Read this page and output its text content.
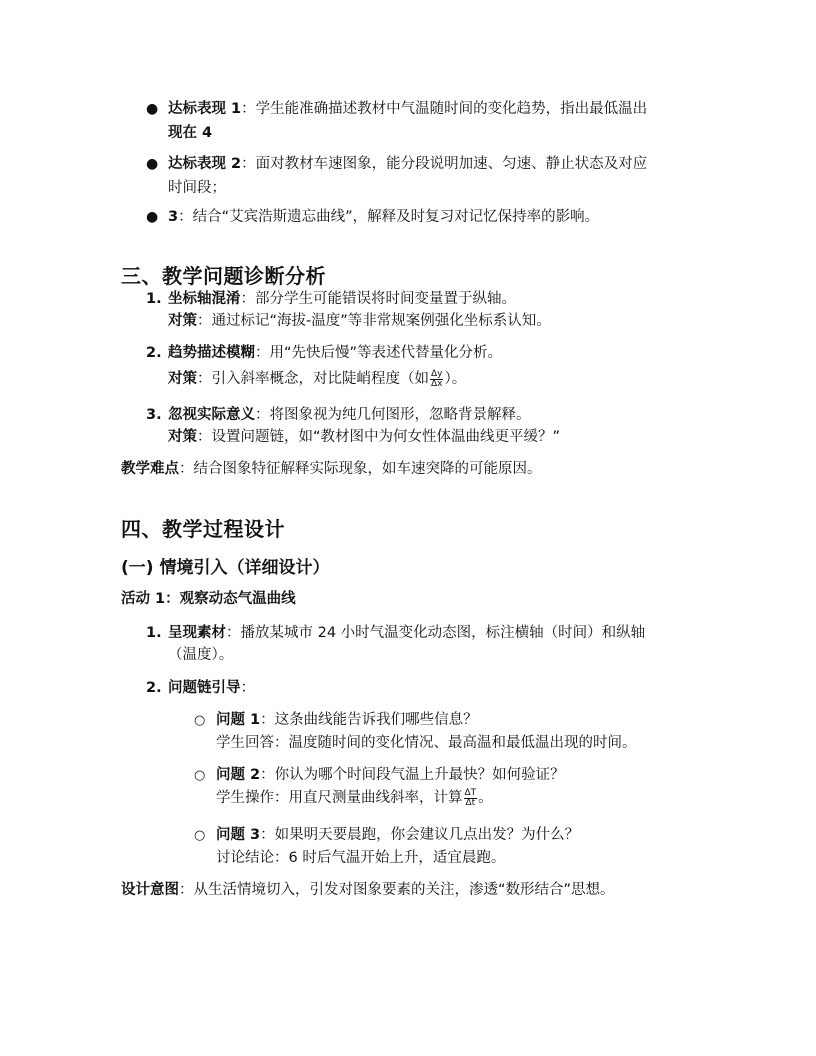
● 达标表现 1：学生能准确描述教材中气温随时间的变化趋势，指出最低温出
现在 4
● 达标表现 2：面对教材车速图象，能分段说明加速、匀速、静止状态及对应
时间段；
● 3：结合“艾宾浩斯遗忘曲线”，解释及时复习对记忆保持率的影响。
三、教学问题诊断分析
1. 坐标轴混淆：部分学生可能错误将时间变量置于纵轴。
对策：通过标记“海拔-温度”等非常规案例强化坐标系认知。
2. 趋势描述模糊：用“先快后慢”等表述代替量化分析。
对策：引入斜率概念，对比陡峭程度（如 $\frac{\Delta y}{\Delta x}$ ）。
3. 忽视实际意义：将图象视为纯几何图形，忽略背景解释。
对策：设置问题链，如“教材图中为何女性体温曲线更平缓？”
教学难点：结合图象特征解释实际现象，如车速突降的可能原因。
四、教学过程设计
(一) 情境引入（详细设计）
活动 1：观察动态气温曲线
1. 呈现素材：播放某城市 24 小时气温变化动态图，标注横轴（时间）和纵轴
（温度）。
2. 问题链引导：
○ 问题 1：这条曲线能告诉我们哪些信息？
学生回答：温度随时间的变化情况、最高温和最低温出现的时间。
○ 问题 2：你认为哪个时间段气温上升最快？如何验证？
学生操作：用直尺测量曲线斜率，计算 $\frac{\Delta T}{\Delta t}$ 。
○ 问题 3：如果明天要晨跑，你会建议几点出发？为什么？
讨论结论：6 时后气温开始上升，适宜晨跑。
设计意图：从生活情境切入，引发对图象要素的关注，渗透“数形结合”思想。
